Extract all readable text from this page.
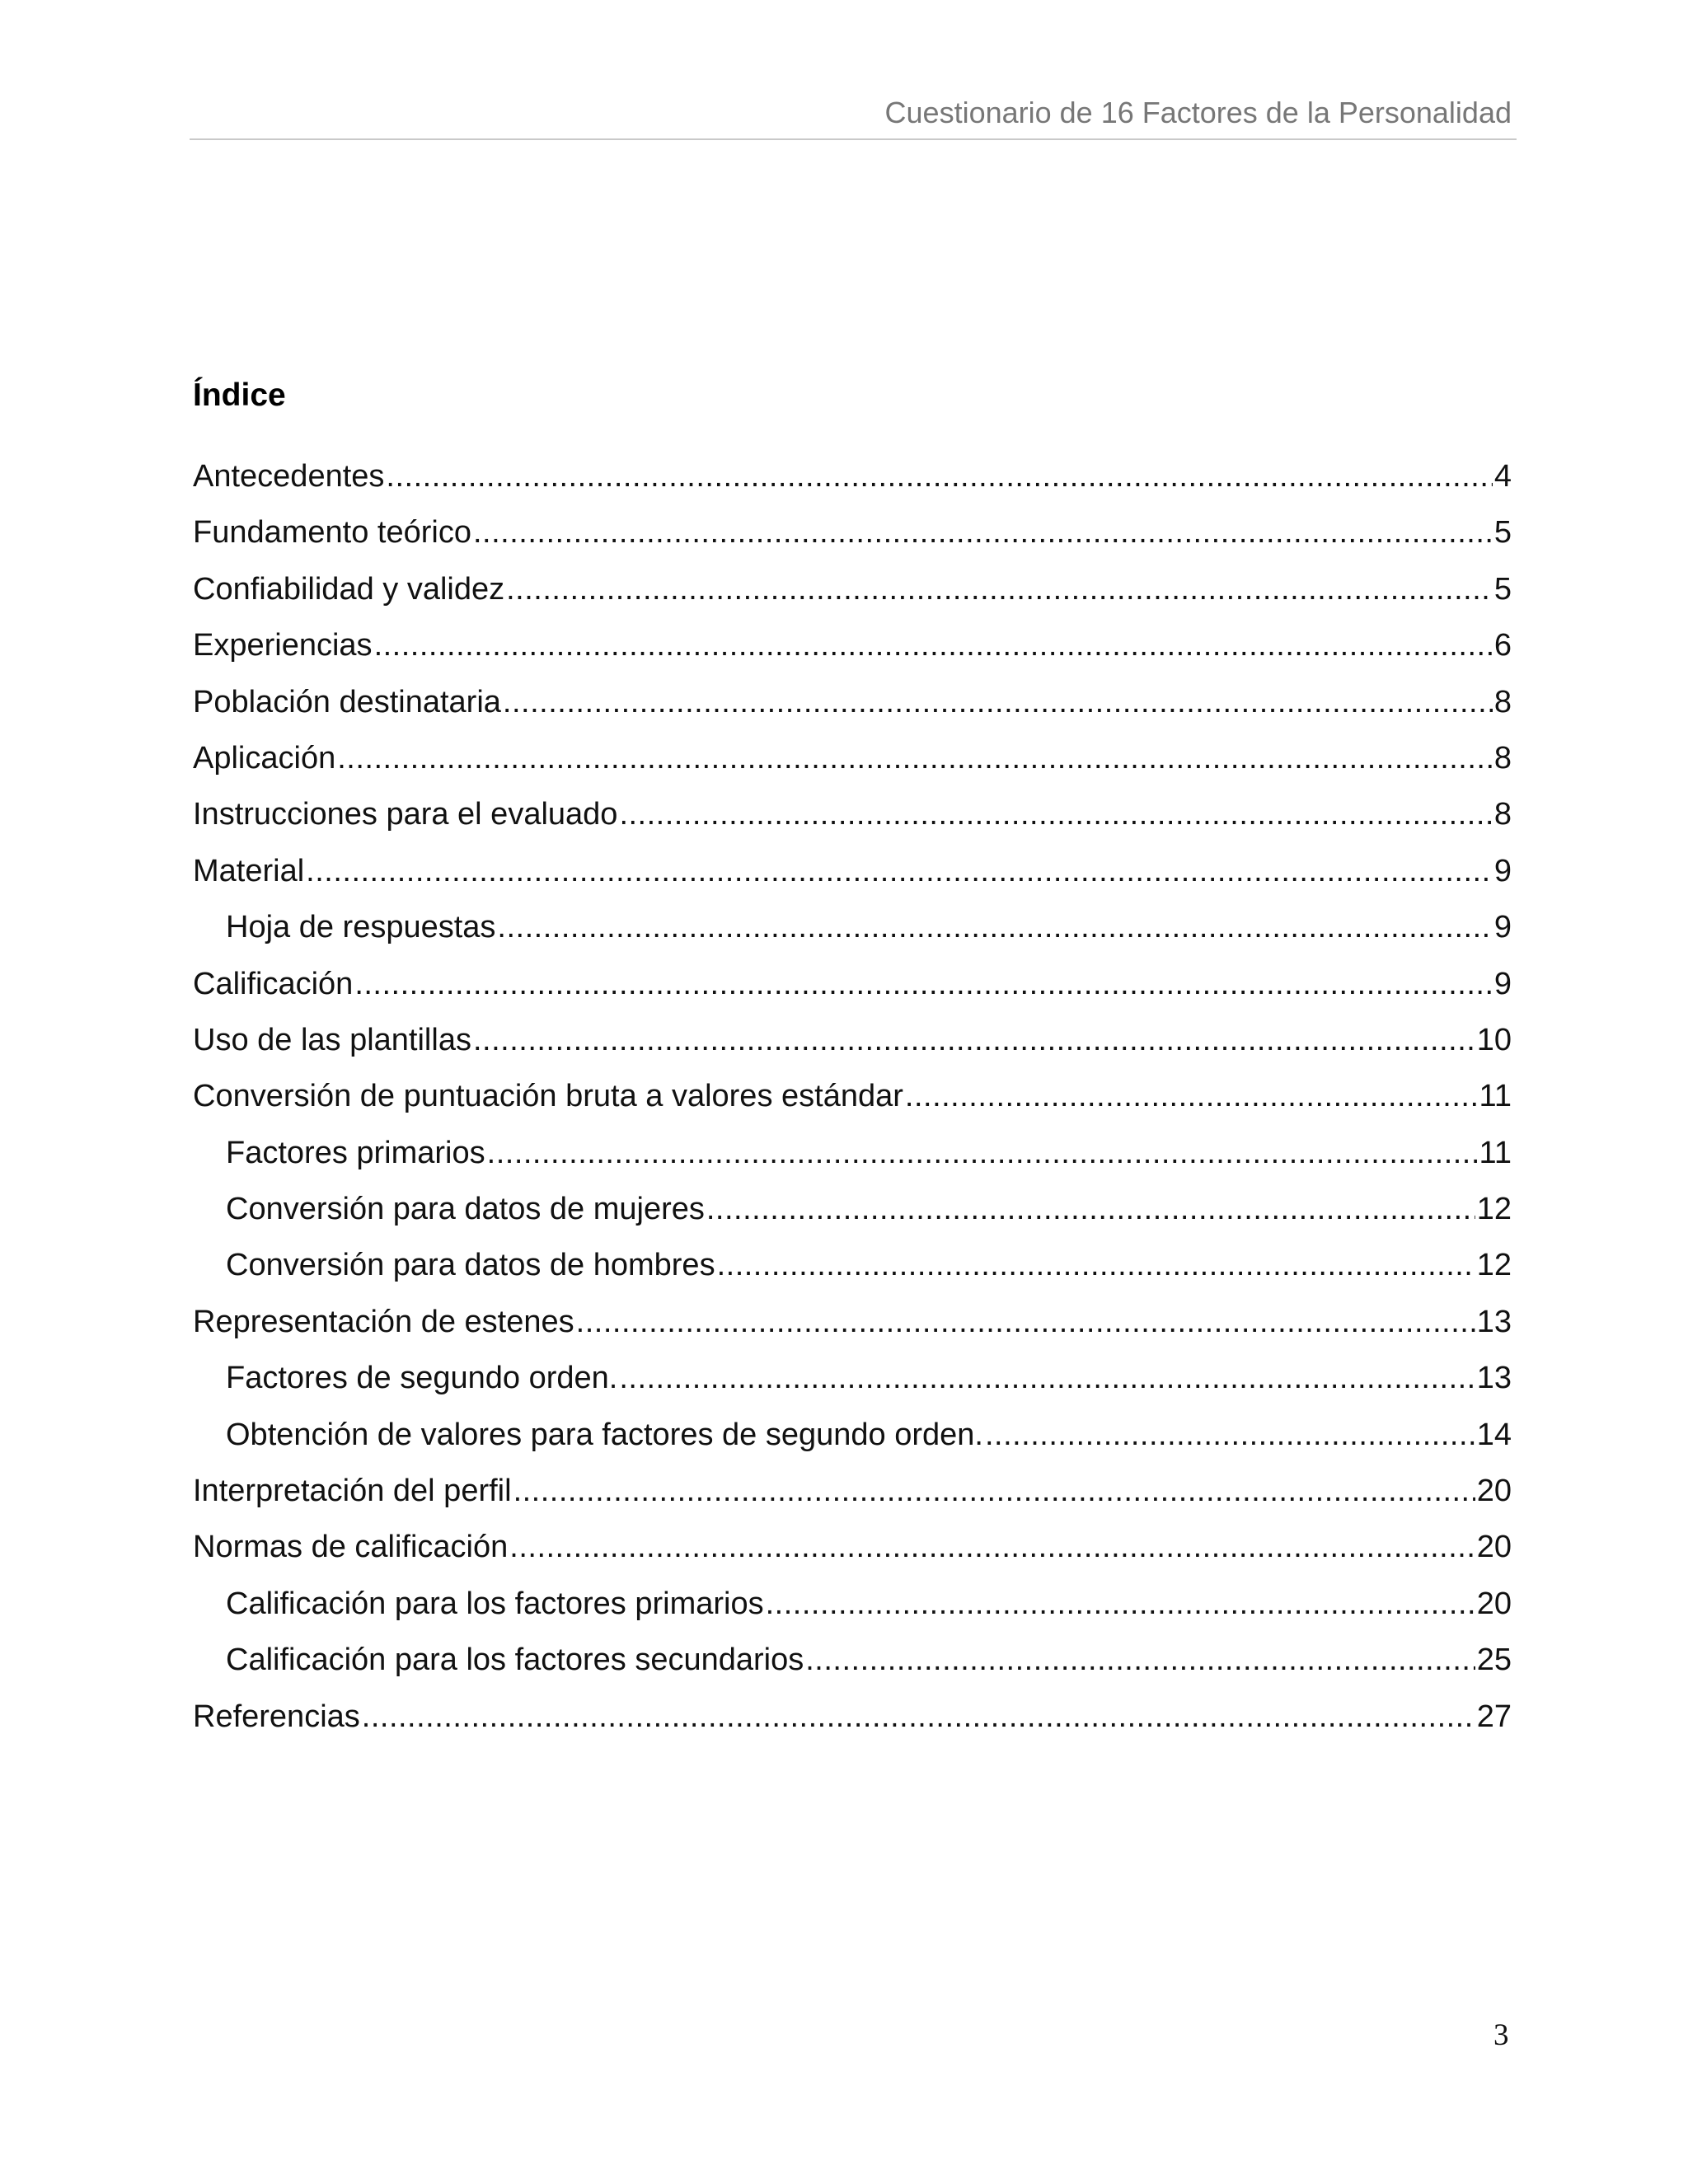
Cuestionario de 16 Factores de la Personalidad
Índice
Antecedentes .....	4
Fundamento teórico .....	5
Confiabilidad y validez .....	5
Experiencias .....	6
Población destinataria .....	8
Aplicación .....	8
Instrucciones para el evaluado .....	8
Material .....	9
Hoja de respuestas .....	9
Calificación .....	9
Uso de las plantillas .....	10
Conversión de puntuación bruta a valores estándar .....	11
Factores primarios .....	11
Conversión para datos de mujeres .....	12
Conversión para datos de hombres .....	12
Representación de estenes .....	13
Factores de segundo orden. .....	13
Obtención de valores para factores de segundo orden. .....	14
Interpretación del perfil .....	20
Normas de calificación .....	20
Calificación para los factores primarios .....	20
Calificación para los factores secundarios .....	25
Referencias .....	27
3
